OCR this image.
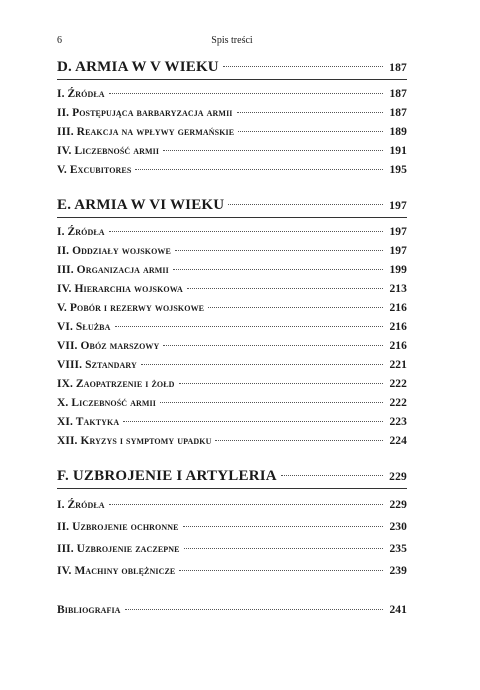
6	Spis treści
D. ARMIA W V WIEKU	187
I. Źródła	187
II. Postępująca barbaryzacja armii	187
III. Reakcja na wpływy germańskie	189
IV. Liczebność armii	191
V. Excubitores	195
E. ARMIA W VI WIEKU	197
I. Źródła	197
II. Oddziały wojskowe	197
III. Organizacja armii	199
IV. Hierarchia wojskowa	213
V. Pobór i rezerwy wojskowe	216
VI. Służba	216
VII. Obóz marszowy	216
VIII. Sztandary	221
IX. Zaopatrzenie i żołd	222
X. Liczebność armii	222
XI. Taktyka	223
XII. Kryzys i symptomy upadku	224
F. UZBROJENIE I ARTYLERIA	229
I. Źródła	229
II. Uzbrojenie ochronne	230
III. Uzbrojenie zaczepne	235
IV. Machiny oblężnicze	239
Bibliografia	241
